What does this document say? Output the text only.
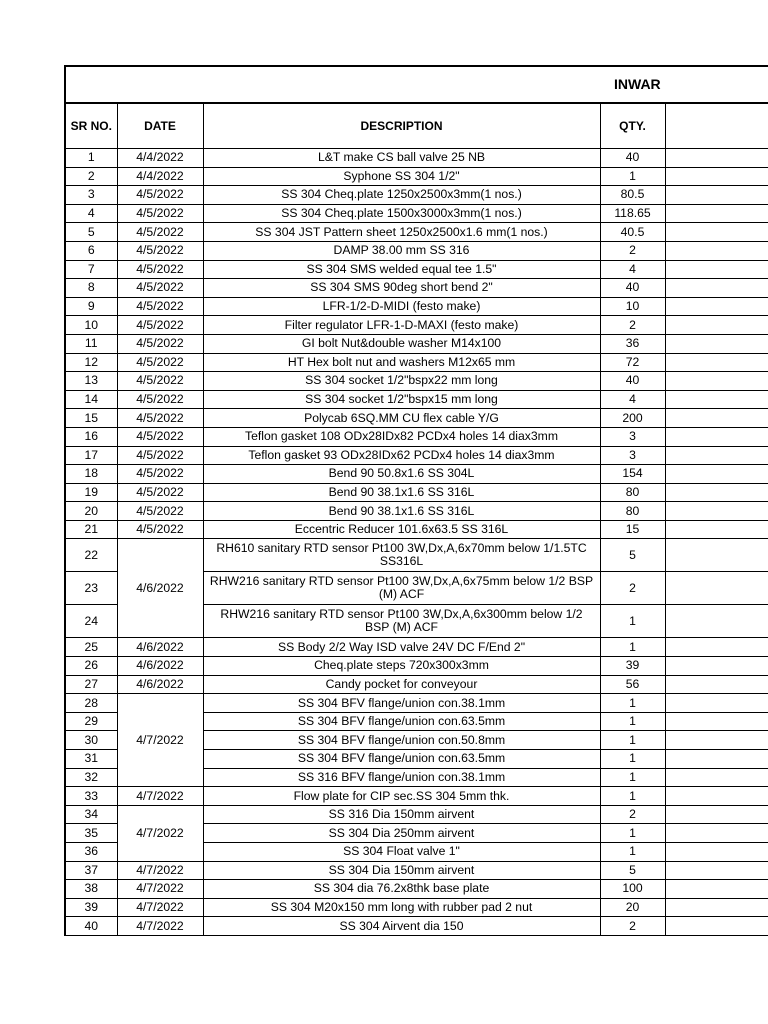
INWAR				
SR NO.	DATE	DESCRIPTION	QTY.	
1	4/4/2022	L&T make CS ball valve 25 NB	40	
2	4/4/2022	Syphone SS 304 1/2"	1	
3	4/5/2022	SS 304 Cheq.plate 1250x2500x3mm(1 nos.)	80.5	
4	4/5/2022	SS 304 Cheq.plate 1500x3000x3mm(1 nos.)	118.65	
5	4/5/2022	SS 304 JST Pattern sheet 1250x2500x1.6 mm(1 nos.)	40.5	
6	4/5/2022	DAMP 38.00 mm SS 316	2	
7	4/5/2022	SS 304 SMS welded equal tee 1.5"	4	
8	4/5/2022	SS 304 SMS 90deg short bend 2"	40	
9	4/5/2022	LFR-1/2-D-MIDI (festo make)	10	
10	4/5/2022	Filter regulator LFR-1-D-MAXI (festo make)	2	
11	4/5/2022	GI bolt Nut&double washer M14x100	36	
12	4/5/2022	HT Hex bolt nut and washers M12x65 mm	72	
13	4/5/2022	SS 304 socket 1/2"bspx22 mm long	40	
14	4/5/2022	SS 304 socket 1/2"bspx15 mm long	4	
15	4/5/2022	Polycab 6SQ.MM CU flex cable Y/G	200	
16	4/5/2022	Teflon gasket 108 ODx28IDx82 PCDx4 holes 14 diax3mm	3	
17	4/5/2022	Teflon gasket 93 ODx28IDx62 PCDx4 holes 14 diax3mm	3	
18	4/5/2022	Bend 90 50.8x1.6 SS 304L	154	
19	4/5/2022	Bend 90 38.1x1.6 SS 316L	80	
20	4/5/2022	Bend 90 38.1x1.6 SS 316L	80	
21	4/5/2022	Eccentric Reducer 101.6x63.5 SS 316L	15	
22	4/6/2022	RH610 sanitary RTD sensor Pt100 3W,Dx,A,6x70mm below 1/1.5TC SS316L	5	
23		RHW216 sanitary RTD sensor Pt100 3W,Dx,A,6x75mm below 1/2 BSP (M) ACF	2	
24		RHW216 sanitary RTD sensor Pt100 3W,Dx,A,6x300mm below 1/2 BSP (M) ACF	1	
25	4/6/2022	SS Body 2/2 Way ISD valve 24V DC F/End 2"	1	
26	4/6/2022	Cheq.plate steps 720x300x3mm	39	
27	4/6/2022	Candy pocket for conveyour	56	
28	4/7/2022	SS 304 BFV flange/union con.38.1mm	1	
29		SS 304 BFV flange/union con.63.5mm	1	
30		SS 304 BFV flange/union con.50.8mm	1	
31		SS 304 BFV flange/union con.63.5mm	1	
32		SS 316 BFV flange/union con.38.1mm	1	
33	4/7/2022	Flow plate for CIP sec.SS 304 5mm thk.	1	
34	4/7/2022	SS 316 Dia 150mm airvent	2	
35		SS 304 Dia 250mm airvent	1	
36		SS 304 Float valve 1"	1	
37	4/7/2022	SS 304 Dia 150mm airvent	5	
38	4/7/2022	SS 304 dia 76.2x8thk base plate	100	
39	4/7/2022	SS 304 M20x150 mm long with rubber pad 2 nut	20	
40	4/7/2022	SS 304 Airvent dia 150	2	
